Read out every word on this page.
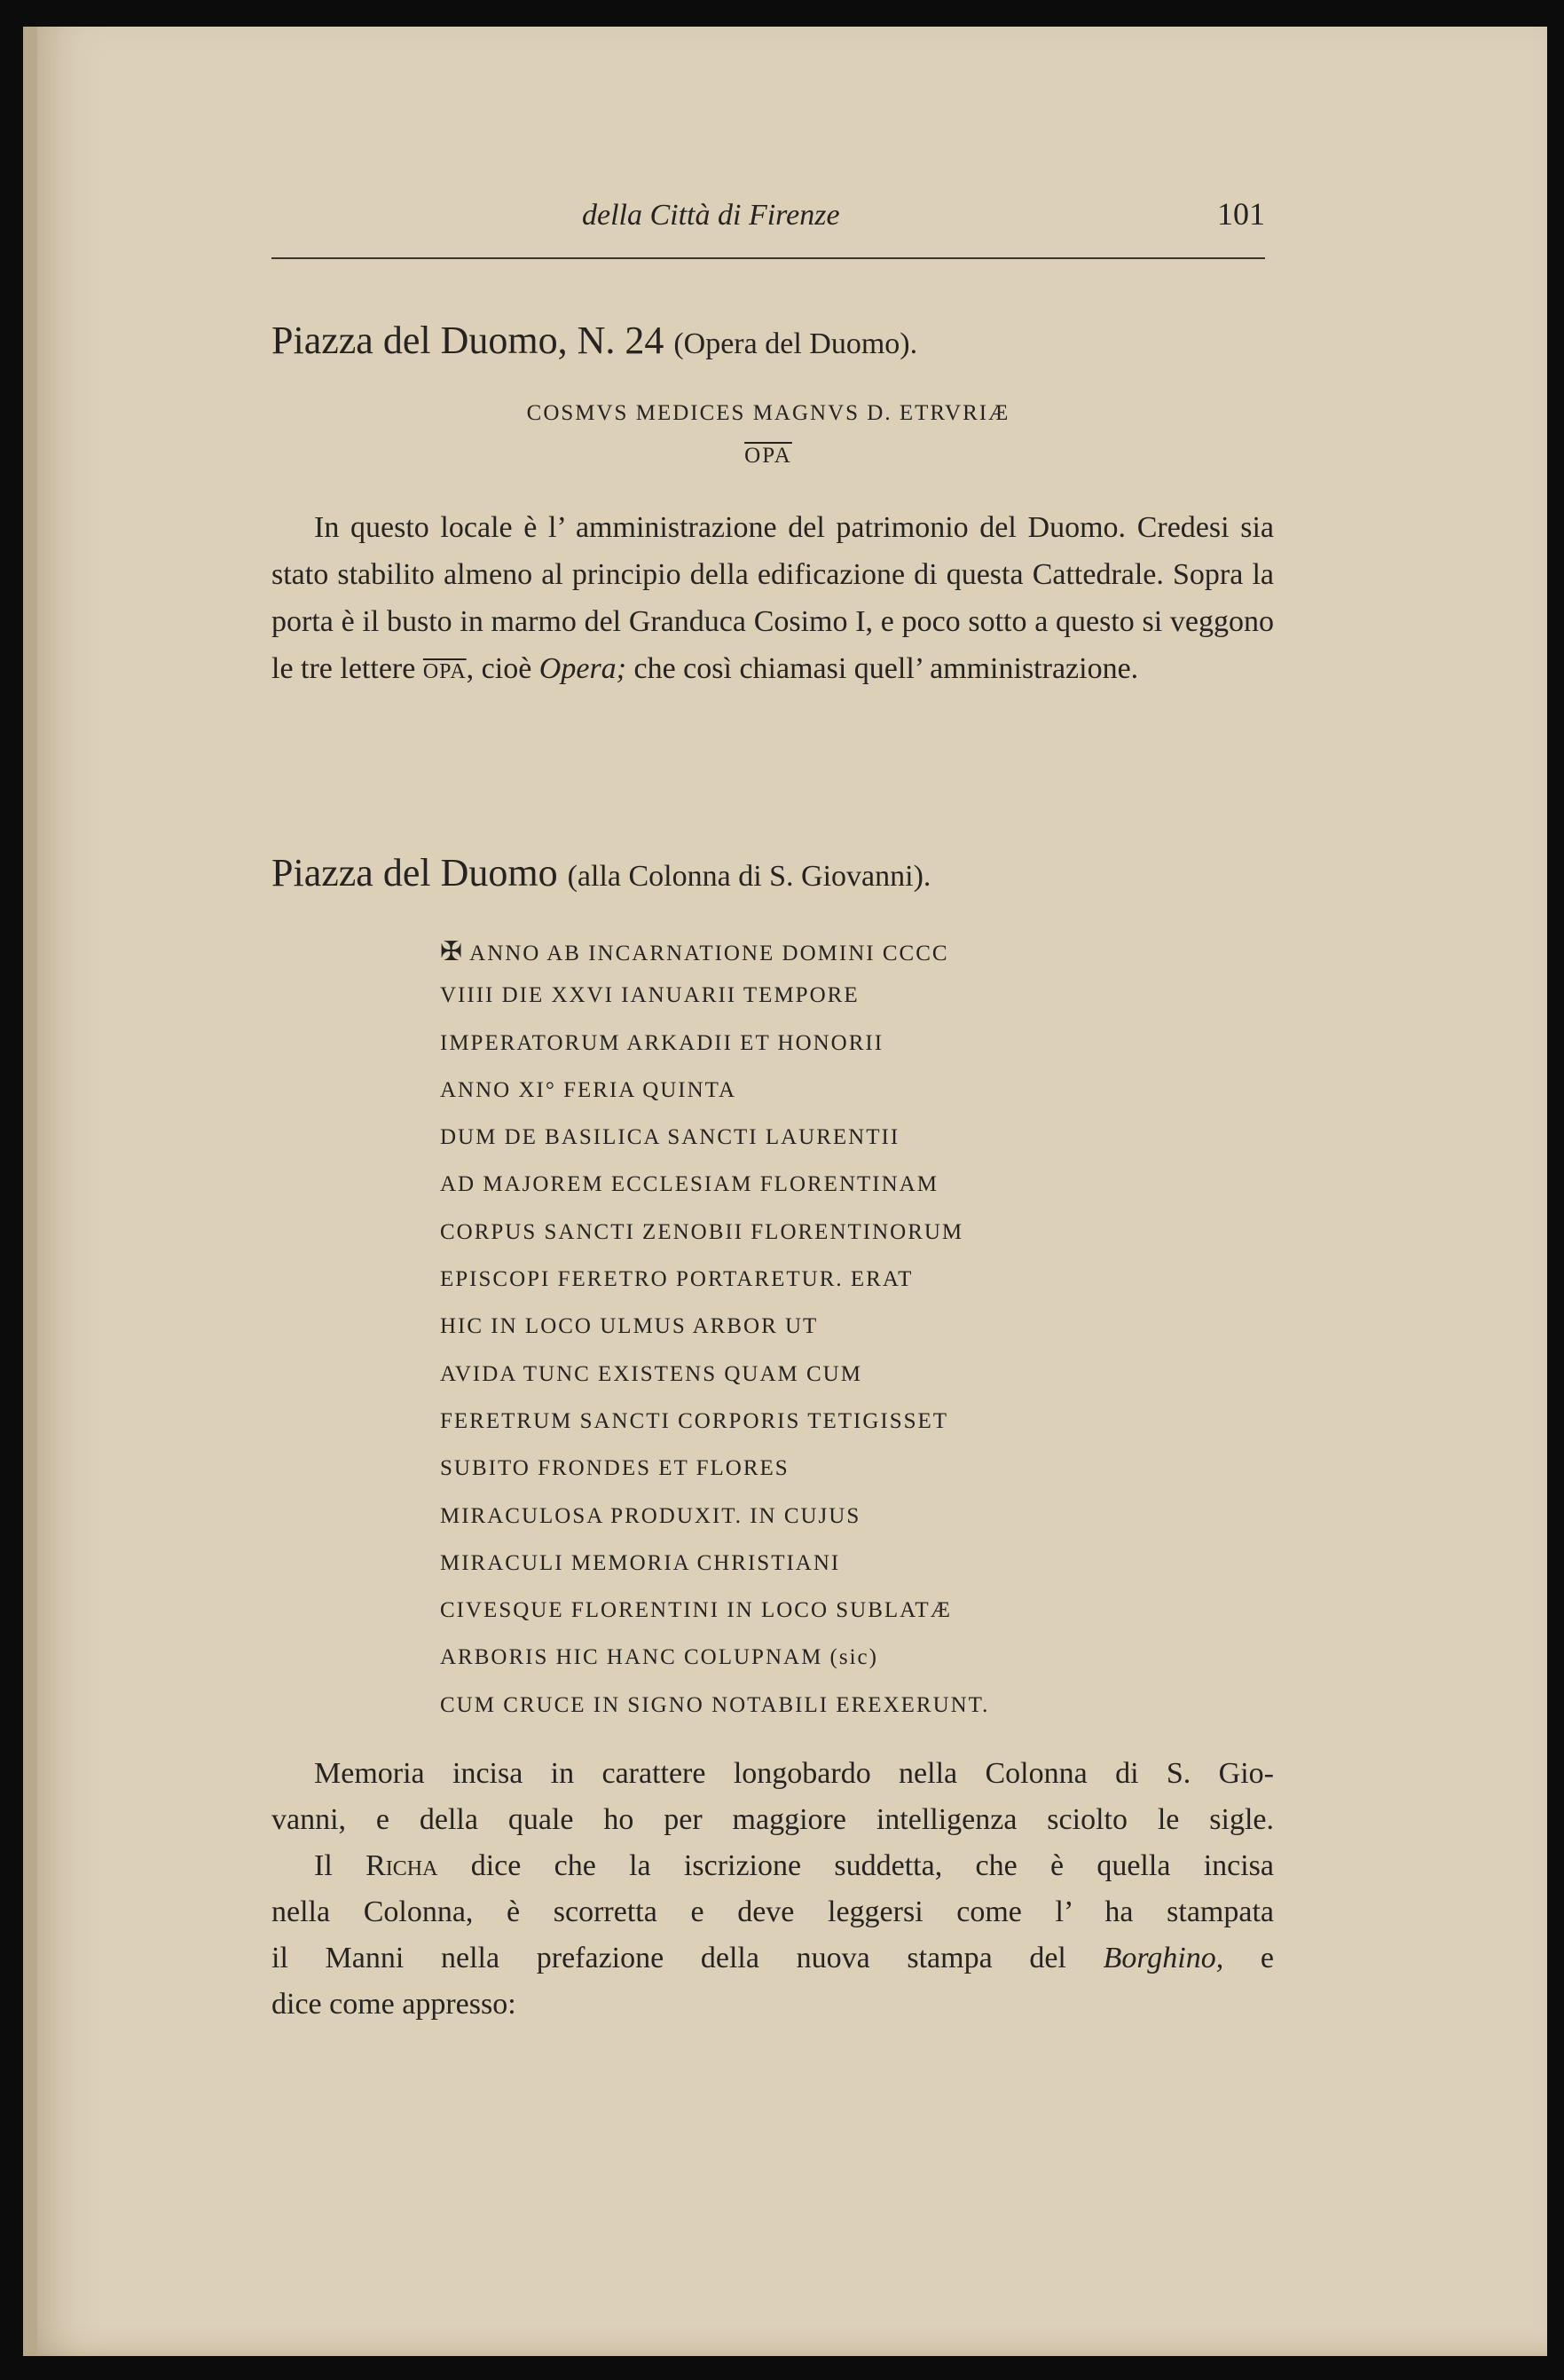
della Città di Firenze	101
Piazza del Duomo, N. 24 (Opera del Duomo).
COSMVS MEDICES MAGNVS D. ETRVRIÆ
$\overline{OPA}$
In questo locale è l’ amministrazione del patrimonio del Duomo. Credesi sia stato stabilito almeno al principio della edificazione di questa Cattedrale. Sopra la porta è il busto in marmo del Granduca Cosimo I, e poco sotto a questo si veggono le tre lettere $\overline{OPA}$, cioè Opera; che così chiamasi quell’ amministrazione.
Piazza del Duomo (alla Colonna di S. Giovanni).
✠ ANNO AB INCARNATIONE DOMINI CCCC
VIIII DIE XXVI IANUARII TEMPORE
IMPERATORUM ARKADII ET HONORII
ANNO XI° FERIA QUINTA
DUM DE BASILICA SANCTI LAURENTII
AD MAJOREM ECCLESIAM FLORENTINAM
CORPUS SANCTI ZENOBII FLORENTINORUM
EPISCOPI FERETRO PORTARETUR. ERAT
HIC IN LOCO ULMUS ARBOR UT
AVIDA TUNC EXISTENS QUAM CUM
FERETRUM SANCTI CORPORIS TETIGISSET
SUBITO FRONDES ET FLORES
MIRACULOSA PRODUXIT. IN CUJUS
MIRACULI MEMORIA CHRISTIANI
CIVESQUE FLORENTINI IN LOCO SUBLATÆ
ARBORIS HIC HANC COLUPNAM (sic)
CUM CRUCE IN SIGNO NOTABILI EREXERUNT.
Memoria incisa in carattere longobardo nella Colonna di S. Gio-
vanni, e della quale ho per maggiore intelligenza sciolto le sigle.
Il Richa dice che la iscrizione suddetta, che è quella incisa
nella Colonna, è scorretta e deve leggersi come l’ ha stampata
il Manni nella prefazione della nuova stampa del Borghino, e
dice come appresso:
